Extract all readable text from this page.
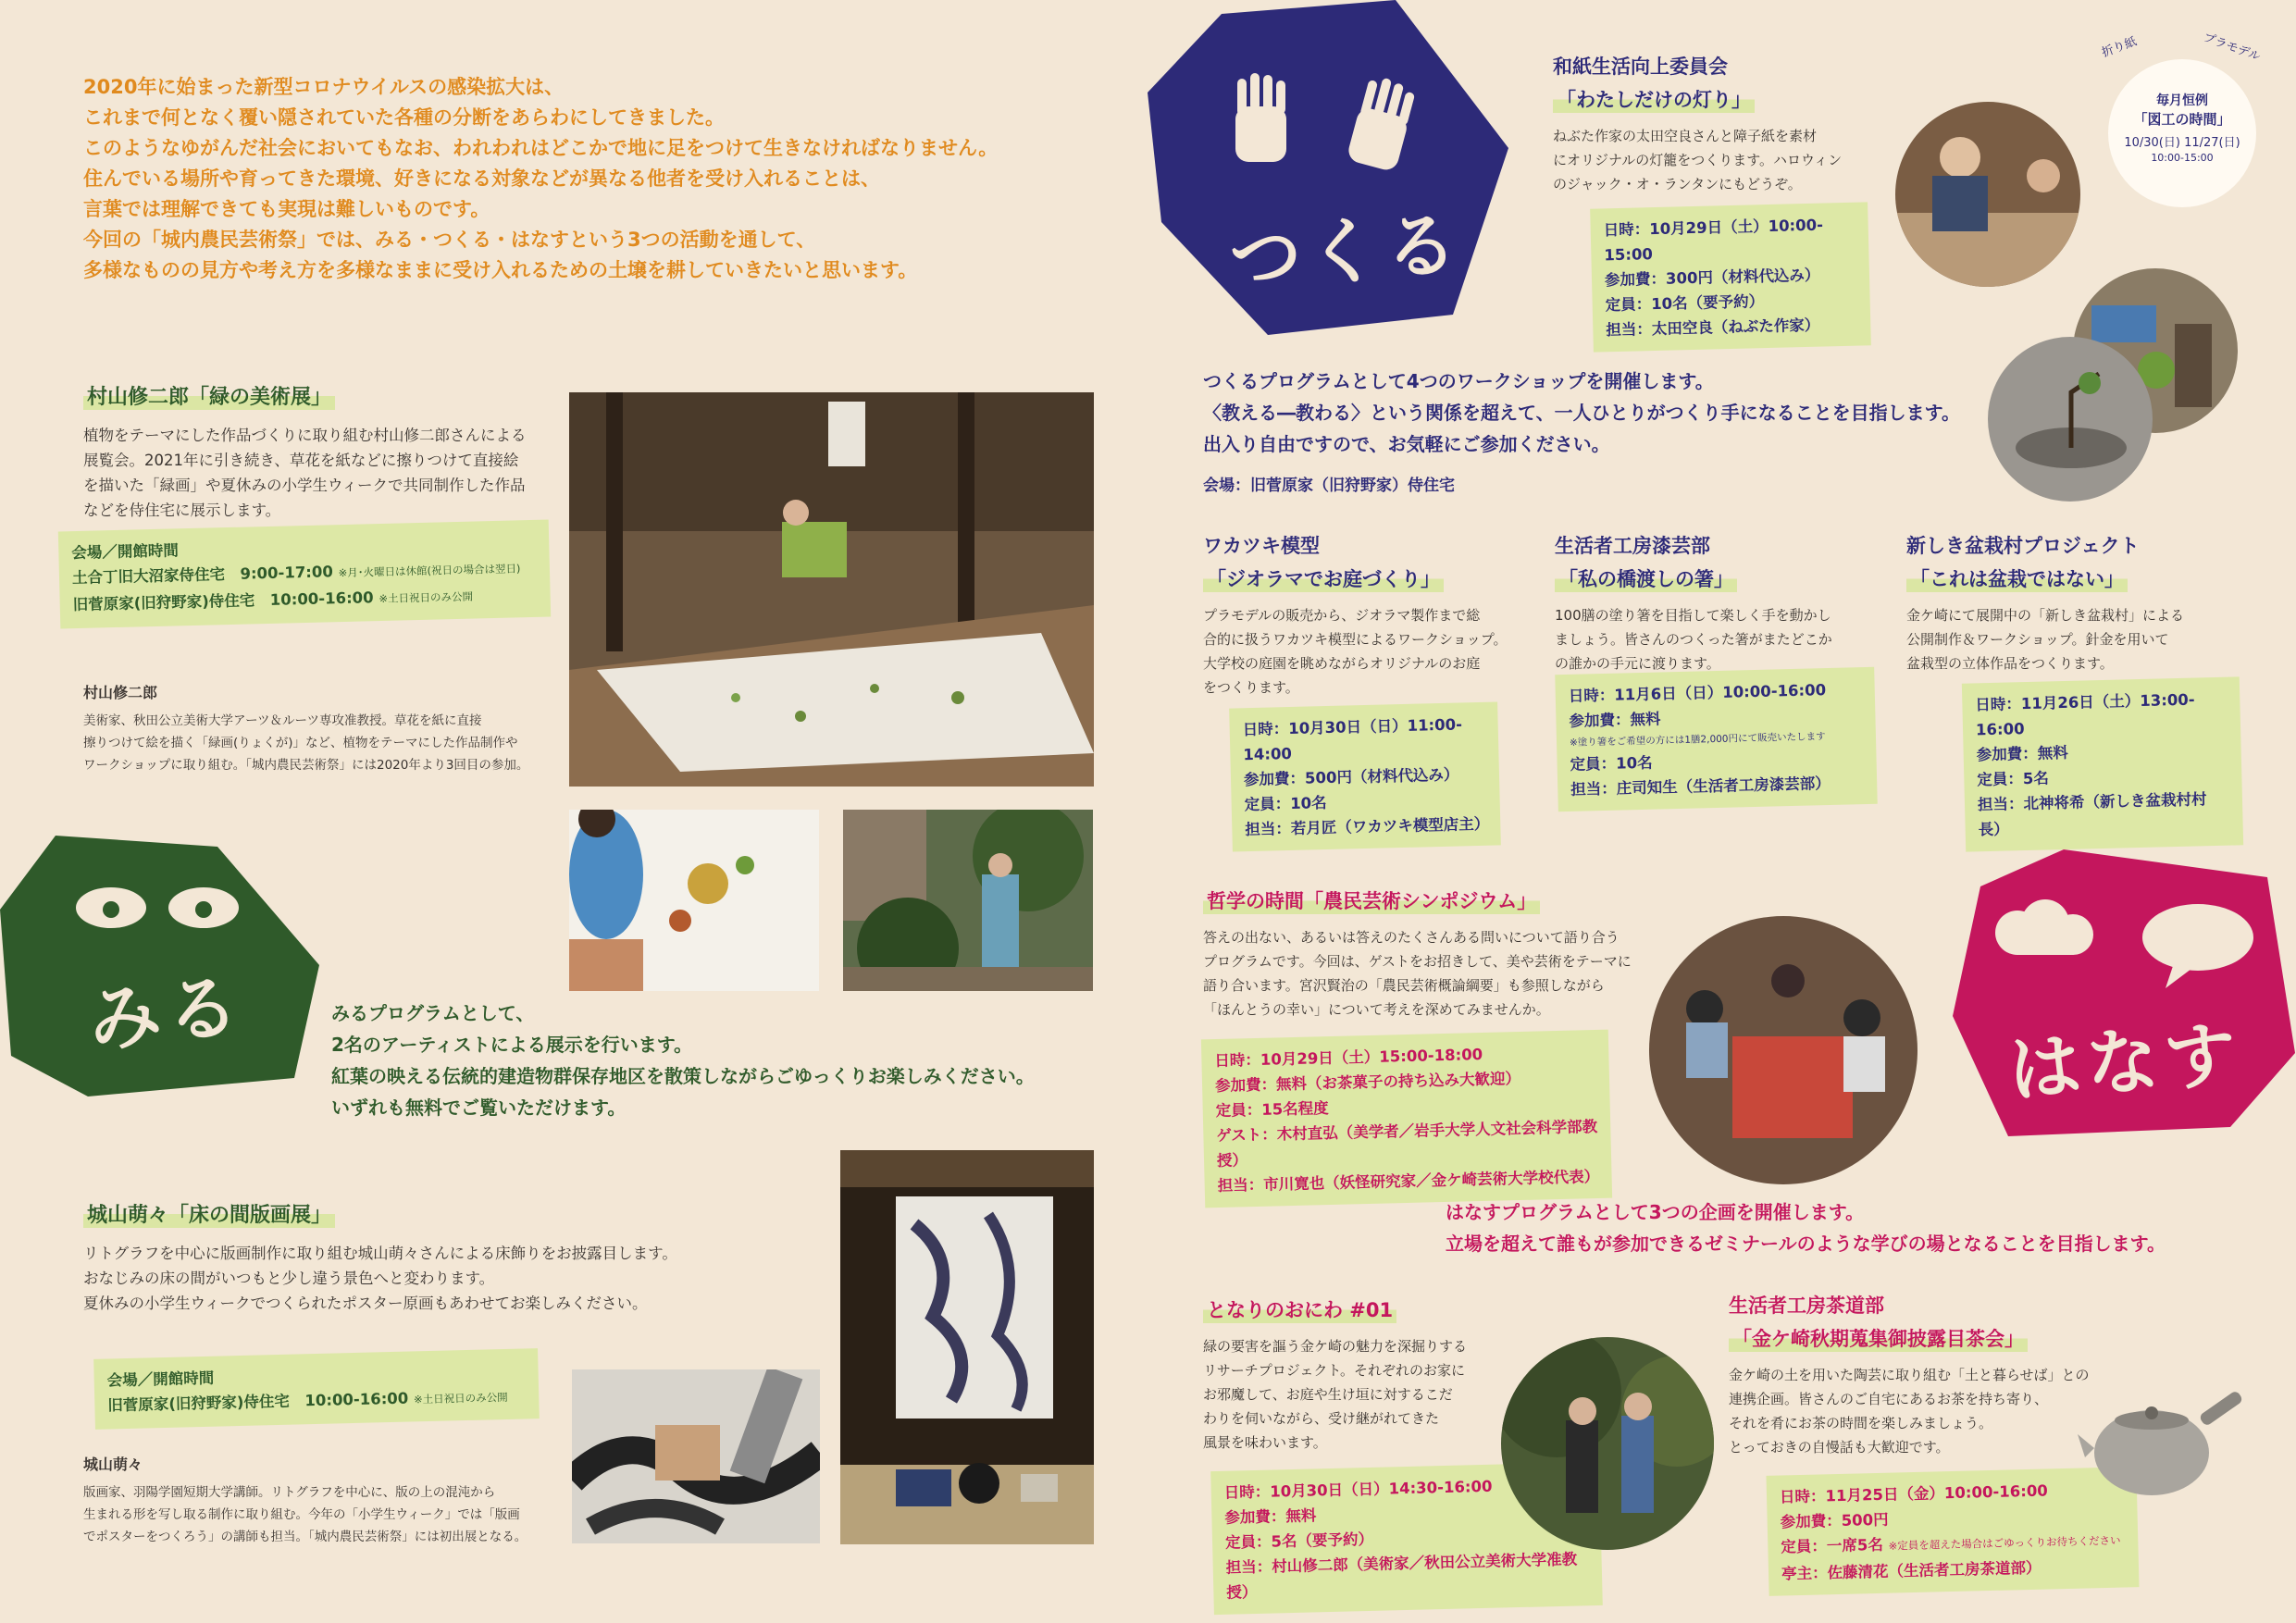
2020年に始まった新型コロナウイルスの感染拡大は、

これまで何となく覆い隠されていた各種の分断をあらわにしてきました。

このようなゆがんだ社会においてもなお、われわれはどこかで地に足をつけて生きなければなりません。

住んでいる場所や育ってきた環境、好きになる対象などが異なる他者を受け入れることは、

言葉では理解できても実現は難しいものです。

今回の「城内農民芸術祭」では、みる・つくる・はなすという3つの活動を通して、

多様なものの見方や考え方を多様なままに受け入れるための土壌を耕していきたいと思います。

村山修二郎「緑の美術展」
植物をテーマにした作品づくりに取り組む村山修二郎さんによる
展覧会。2021年に引き続き、草花を紙などに擦りつけて直接絵
を描いた「緑画」や夏休みの小学生ウィークで共同制作した作品
などを侍住宅に展示します。
会場／開館時間
土合丁旧大沼家侍住宅　9:00-17:00 ※月･火曜日は休館(祝日の場合は翌日)
旧菅原家(旧狩野家)侍住宅　10:00-16:00 ※土日祝日のみ公開
村山修二郎
美術家、秋田公立美術大学アーツ＆ルーツ専攻准教授。草花を紙に直接
擦りつけて絵を描く「緑画(りょくが)」など、植物をテーマにした作品制作や
ワークショップに取り組む。「城内農民芸術祭」には2020年より3回目の参加。
みる	みるプログラムとして、
2名のアーティストによる展示を行います。
紅葉の映える伝統的建造物群保存地区を散策しながらごゆっくりお楽しみください。
いずれも無料でご覧いただけます。
城山萌々「床の間版画展」
リトグラフを中心に版画制作に取り組む城山萌々さんによる床飾りをお披露目します。
おなじみの床の間がいつもと少し違う景色へと変わります。
夏休みの小学生ウィークでつくられたポスター原画もあわせてお楽しみください。
会場／開館時間
旧菅原家(旧狩野家)侍住宅　10:00-16:00 ※土日祝日のみ公開
城山萌々
版画家、羽陽学園短期大学講師。リトグラフを中心に、版の上の混沌から
生まれる形を写し取る制作に取り組む。今年の「小学生ウィーク」では「版画
でポスターをつくろう」の講師も担当。「城内農民芸術祭」には初出展となる。
つくる
和紙生活向上委員会
「わたしだけの灯り」
ねぶた作家の太田空良さんと障子紙を素材
にオリジナルの灯籠をつくります。ハロウィン
のジャック・オ・ランタンにもどうぞ。
日時：10月29日（土）10:00-15:00
参加費：300円（材料代込み）
定員：10名（要予約）
担当：太田空良（ねぶた作家）
折り紙	プラモデル
毎月恒例
「図工の時間」
10/30(日) 11/27(日)
10:00-15:00
つくるプログラムとして4つのワークショップを開催します。
〈教える―教わる〉という関係を超えて、一人ひとりがつくり手になることを目指します。
出入り自由ですので、お気軽にご参加ください。
会場：旧菅原家（旧狩野家）侍住宅
ワカツキ模型
「ジオラマでお庭づくり」
プラモデルの販売から、ジオラマ製作まで総
合的に扱うワカツキ模型によるワークショップ。
大学校の庭園を眺めながらオリジナルのお庭
をつくります。
日時：10月30日（日）11:00-14:00
参加費：500円（材料代込み）
定員：10名
担当：若月匠（ワカツキ模型店主）
生活者工房漆芸部
「私の橋渡しの箸」
100膳の塗り箸を目指して楽しく手を動かし
ましょう。皆さんのつくった箸がまたどこか
の誰かの手元に渡ります。
日時：11月6日（日）10:00-16:00
参加費：無料
※塗り箸をご希望の方には1膳2,000円にて販売いたします
定員：10名
担当：庄司知生（生活者工房漆芸部）
新しき盆栽村プロジェクト
「これは盆栽ではない」
金ケ崎にて展開中の「新しき盆栽村」による
公開制作＆ワークショップ。針金を用いて
盆栽型の立体作品をつくります。
日時：11月26日（土）13:00-16:00
参加費：無料
定員：5名
担当：北神将希（新しき盆栽村村長）
哲学の時間「農民芸術シンポジウム」
答えの出ない、あるいは答えのたくさんある問いについて語り合う
プログラムです。今回は、ゲストをお招きして、美や芸術をテーマに
語り合います。宮沢賢治の「農民芸術概論綱要」も参照しながら
「ほんとうの幸い」について考えを深めてみませんか。
日時：10月29日（土）15:00-18:00
参加費：無料（お茶菓子の持ち込み大歓迎）
定員：15名程度
ゲスト：木村直弘（美学者／岩手大学人文社会科学部教授）
担当：市川寛也（妖怪研究家／金ケ崎芸術大学校代表）
はなす
はなすプログラムとして3つの企画を開催します。
立場を超えて誰もが参加できるゼミナールのような学びの場となることを目指します。
となりのおにわ #01
緑の要害を謳う金ケ崎の魅力を深掘りする
リサーチプロジェクト。それぞれのお家に
お邪魔して、お庭や生け垣に対するこだ
わりを伺いながら、受け継がれてきた
風景を味わいます。
日時：10月30日（日）14:30-16:00
参加費：無料
定員：5名（要予約）
担当：村山修二郎（美術家／秋田公立美術大学准教授）
生活者工房茶道部
「金ケ崎秋期蒐集御披露目茶会」
金ケ崎の土を用いた陶芸に取り組む「土と暮らせば」との
連携企画。皆さんのご自宅にあるお茶を持ち寄り、
それを肴にお茶の時間を楽しみましょう。
とっておきの自慢話も大歓迎です。
日時：11月25日（金）10:00-16:00
参加費：500円
定員：一席5名 ※定員を超えた場合はごゆっくりお待ちください
亭主：佐藤清花（生活者工房茶道部）
